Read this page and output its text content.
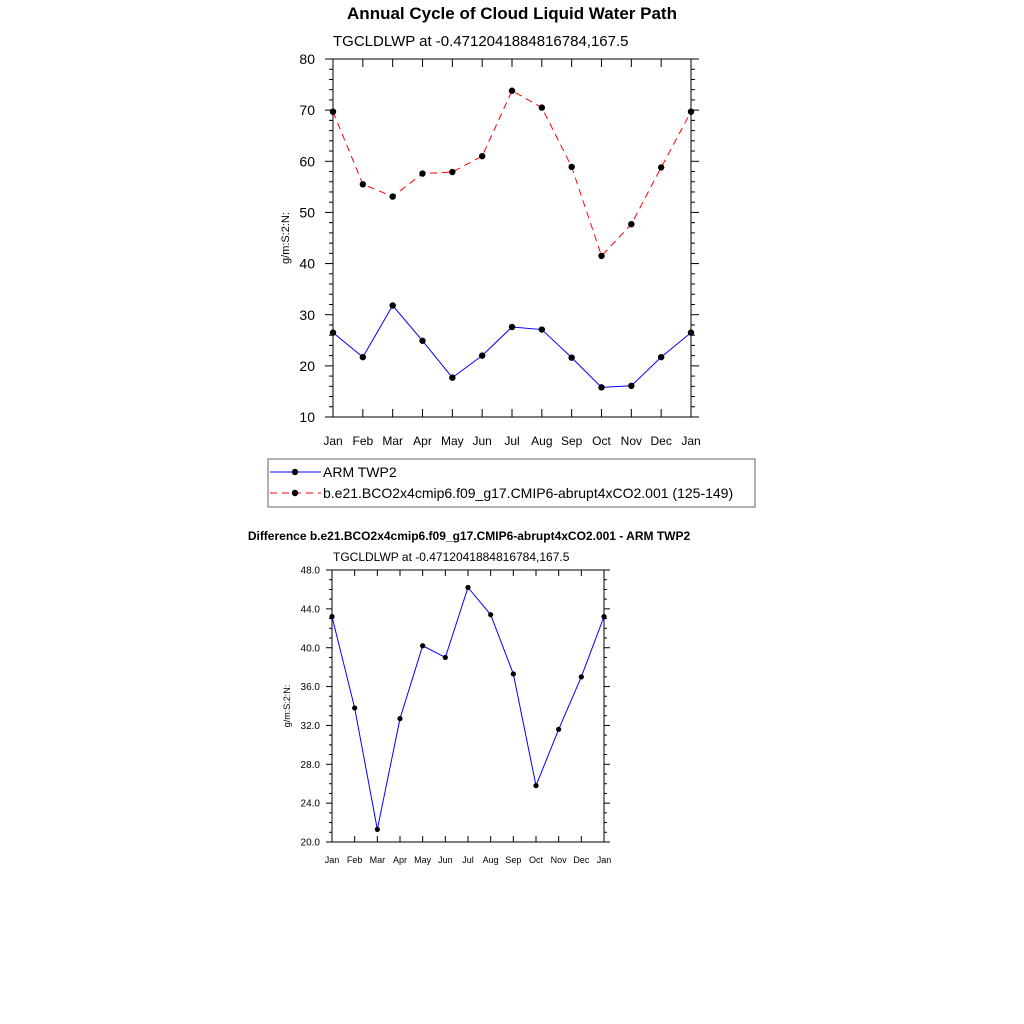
Annual Cycle of Cloud Liquid Water Path
TGCLDLWP at -0.4712041884816784,167.5
g/m:S:2:N:
Jan Feb Mar Apr May Jun Jul Aug Sep Oct Nov Dec Jan
10
20
30
40
50
60
70
80
ARM TWP2
b.e21.BCO2x4cmip6.f09_g17.CMIP6-abrupt4xCO2.001 (125-149)
Difference b.e21.BCO2x4cmip6.f09_g17.CMIP6-abrupt4xCO2.001 - ARM TWP2
TGCLDLWP at -0.4712041884816784,167.5
g/m:S:2:N:
Jan Feb Mar Apr May Jun Jul Aug Sep Oct Nov Dec Jan
20.0
24.0
28.0
32.0
36.0
40.0
44.0
48.0
